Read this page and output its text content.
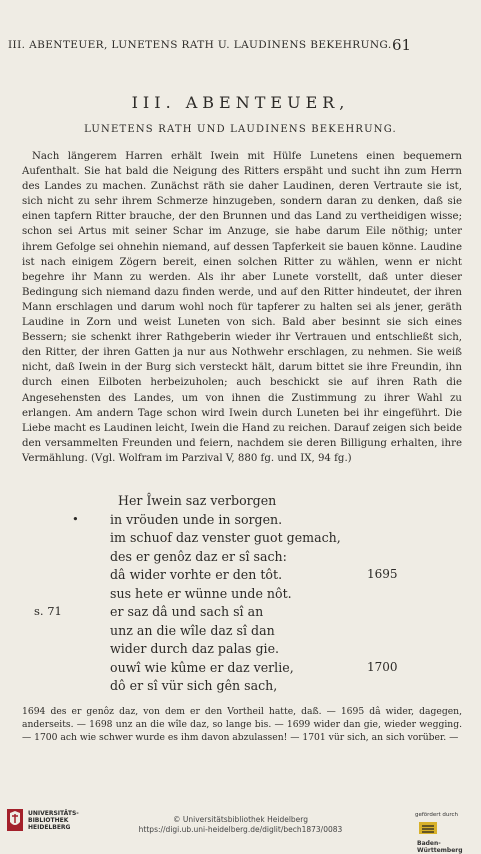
III. ABENTEUER, LUNETENS RATH U. LAUDINENS BEKEHRUNG. 61
III. ABENTEUER,
LUNETENS RATH UND LAUDINENS BEKEHRUNG.

Nach längerem Harren erhält Iwein mit Hülfe Lunetens einen bequemern Aufenthalt. Sie hat bald die Neigung des Ritters erspäht und sucht ihn zum Herrn des Landes zu machen. Zunächst räth sie daher Laudinen, deren Vertraute sie ist, sich nicht zu sehr ihrem Schmerze hinzugeben, sondern daran zu denken, daß sie einen tapfern Ritter brauche, der den Brunnen und das Land zu vertheidigen wisse; schon sei Artus mit seiner Schar im Anzuge, sie habe darum Eile nöthig; unter ihrem Gefolge sei ohnehin niemand, auf dessen Tapferkeit sie bauen könne. Laudine ist nach einigem Zögern bereit, einen solchen Ritter zu wählen, wenn er nicht begehre ihr Mann zu werden. Als ihr aber Lunete vorstellt, daß unter dieser Bedingung sich niemand dazu finden werde, und auf den Ritter hindeutet, der ihren Mann erschlagen und darum wohl noch für tapferer zu halten sei als jener, geräth Laudine in Zorn und weist Luneten von sich. Bald aber besinnt sie sich eines Bessern; sie schenkt ihrer Rathgeberin wieder ihr Vertrauen und entschließt sich, den Ritter, der ihren Gatten ja nur aus Nothwehr erschlagen, zu nehmen. Sie weiß nicht, daß Iwein in der Burg sich versteckt hält, darum bittet sie ihre Freundin, ihn durch einen Eilboten herbeizuholen; auch beschickt sie auf ihren Rath die Angesehensten des Landes, um von ihnen die Zustimmung zu ihrer Wahl zu erlangen. Am andern Tage schon wird Iwein durch Luneten bei ihr eingeführt. Die Liebe macht es Laudinen leicht, Iwein die Hand zu reichen. Darauf zeigen sich beide den versammelten Freunden und feiern, nachdem sie deren Billigung erhalten, ihre Vermählung. (Vgl. Wolfram im Parzival V, 880 fg. und IX, 94 fg.)

Her Îwein saz verborgen
• in vröuden unde in sorgen.
im schuof daz venster guot gemach,
des er genôz daz er sî sach:
dâ wider vorhte er den tôt.	1695
sus hete er wünne unde nôt.
s. 71	er saz dâ und sach sî an
unz an die wîle daz sî dan
wider durch daz palas gie.
ouwî wie kûme er daz verlie,	1700
dô er sî vür sich gên sach,
1694 des er genôz daz, von dem er den Vortheil hatte, daß. — 1695 dâ wider, dagegen, anderseits. — 1698 unz an die wîle daz, so lange bis. — 1699 wider dan gie, wieder wegging. — 1700 ach wie schwer wurde es ihm davon abzulassen! — 1701 vür sich, an sich vorüber. —
UNIVERSITÄTS-
BIBLIOTHEK
HEIDELBERG
© Universitätsbibliothek Heidelberg
https://digi.ub.uni-heidelberg.de/diglit/bech1873/0083
gefördert durch
Baden-Württemberg
